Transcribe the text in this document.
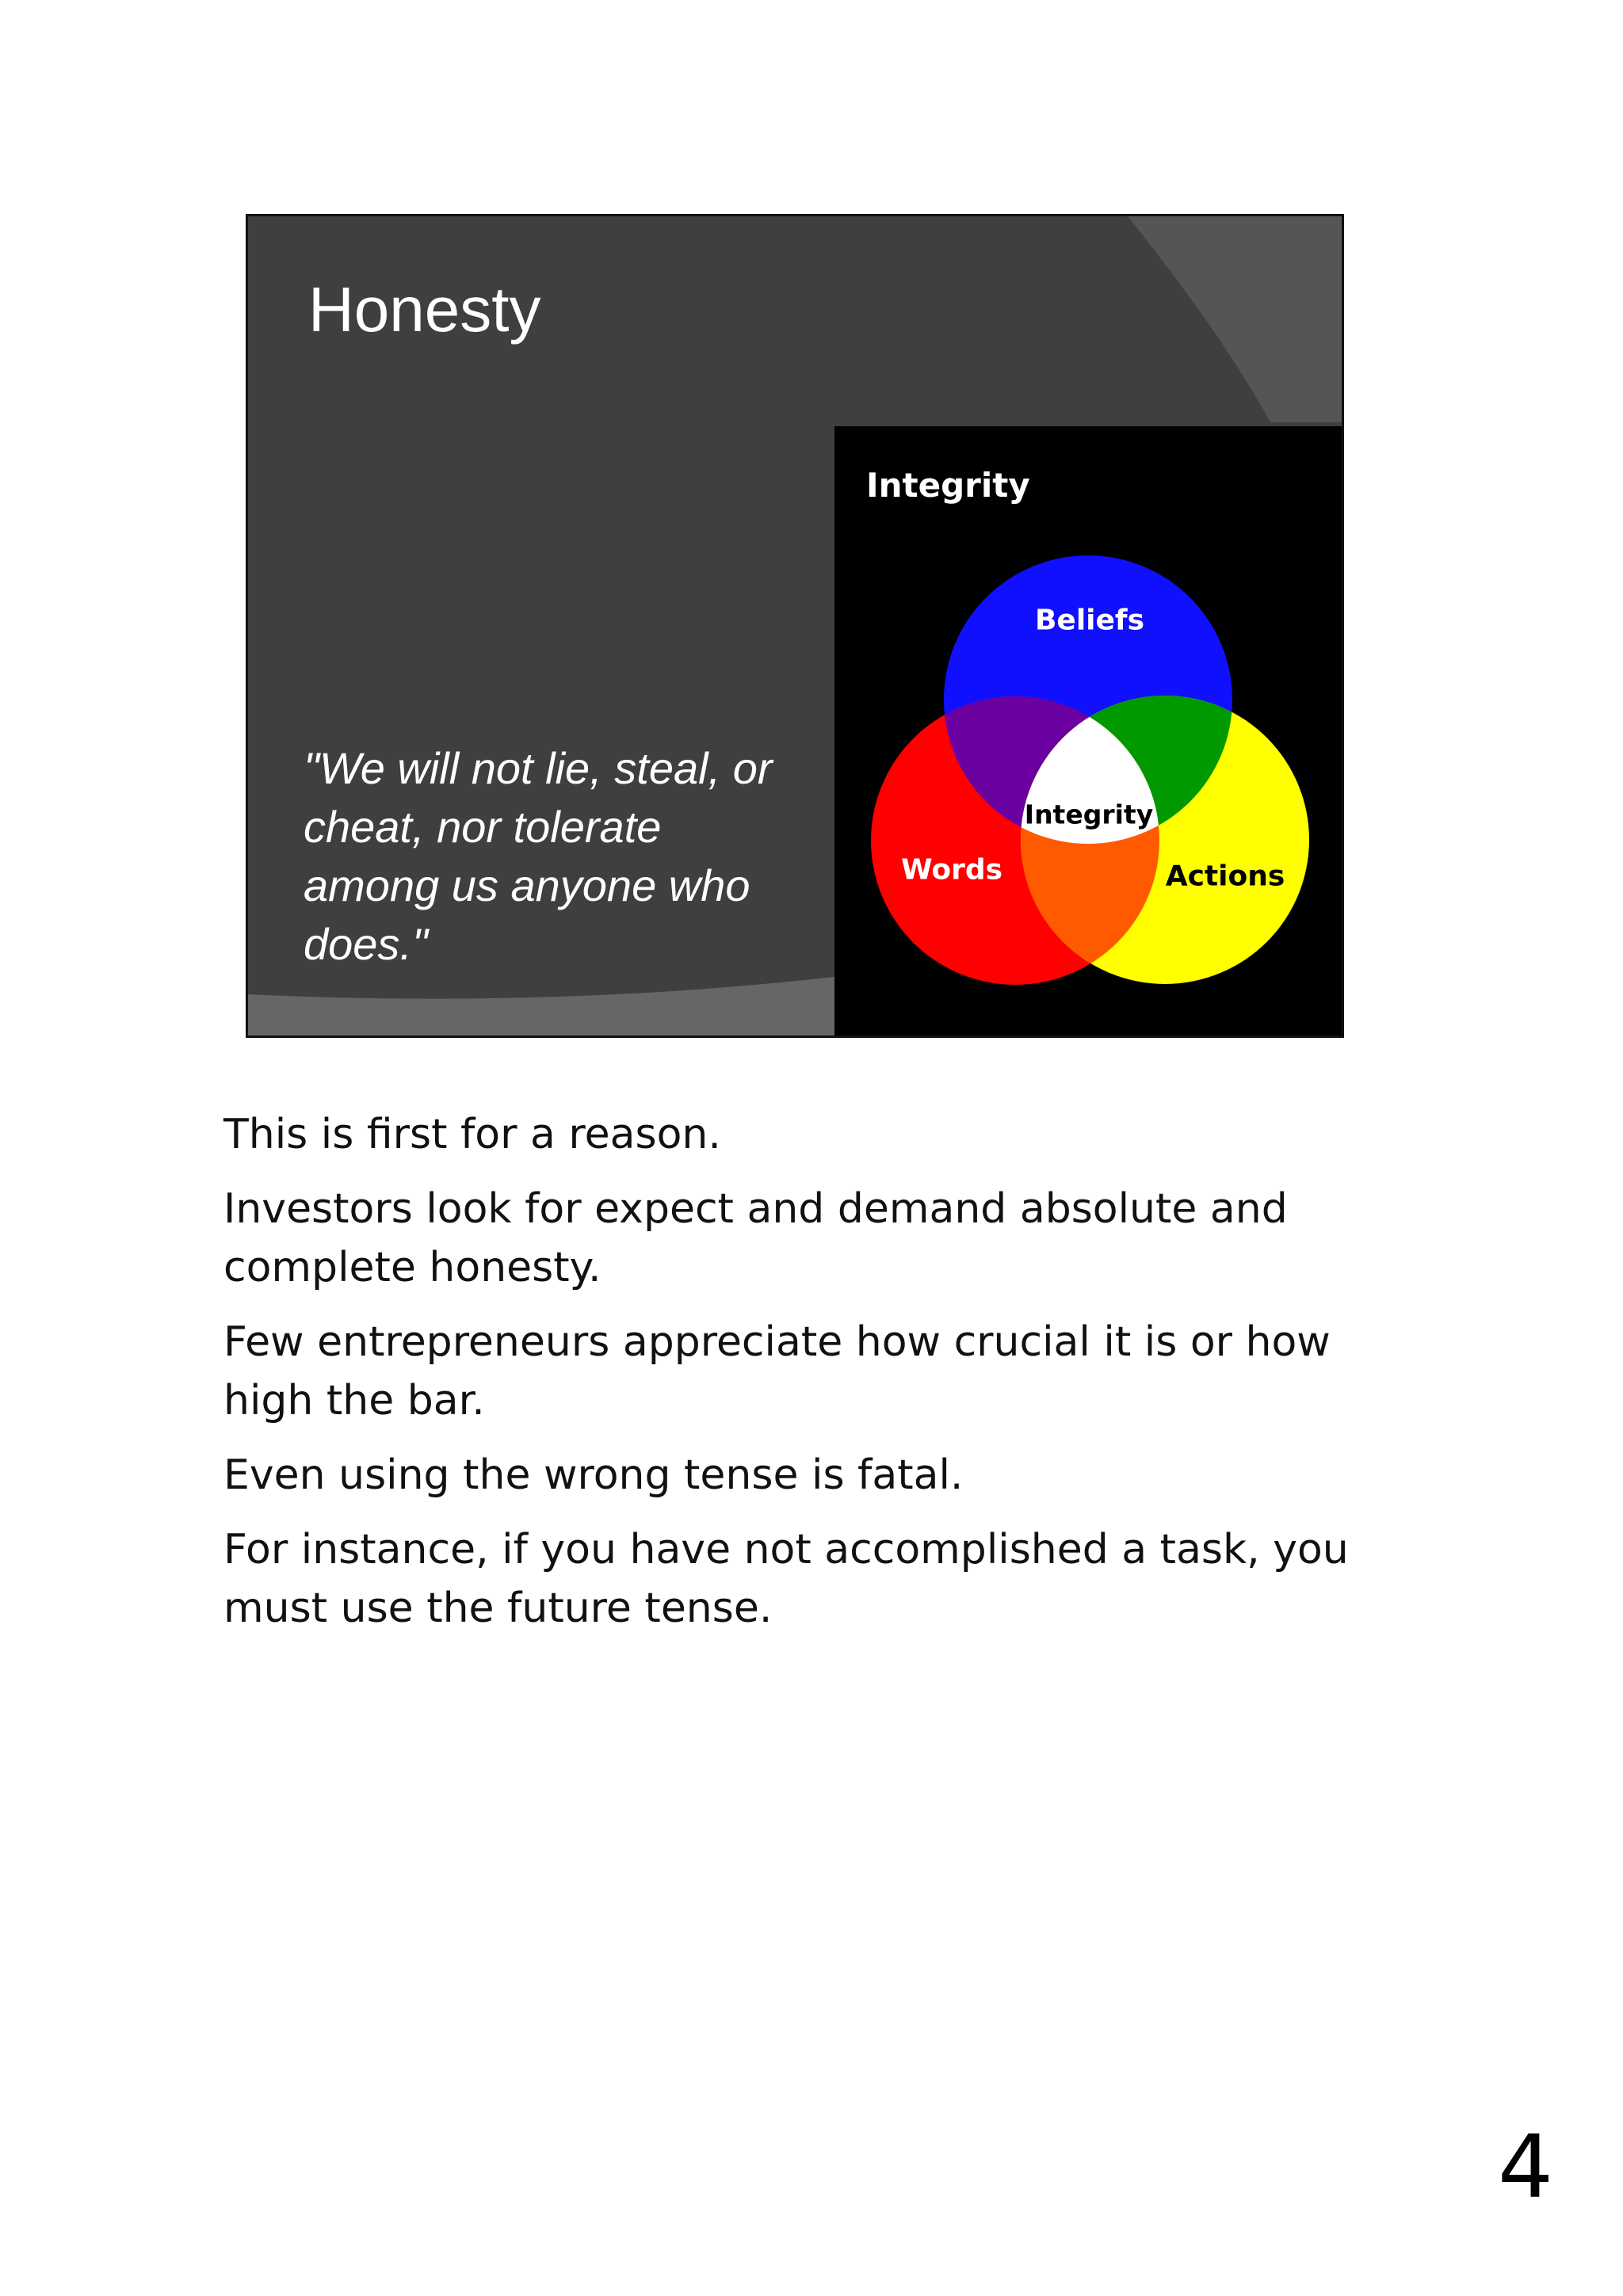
Honesty
"We will not lie, steal, or cheat, nor tolerate among us anyone who does."
Integrity
Beliefs
Words	Actions
Integrity

This is first for a reason.

Investors look for expect and demand absolute and complete honesty.

Few entrepreneurs appreciate how crucial it is or how high the bar.

Even using the wrong tense is fatal.

For instance, if you have not accomplished a task, you must use the future tense.

4
